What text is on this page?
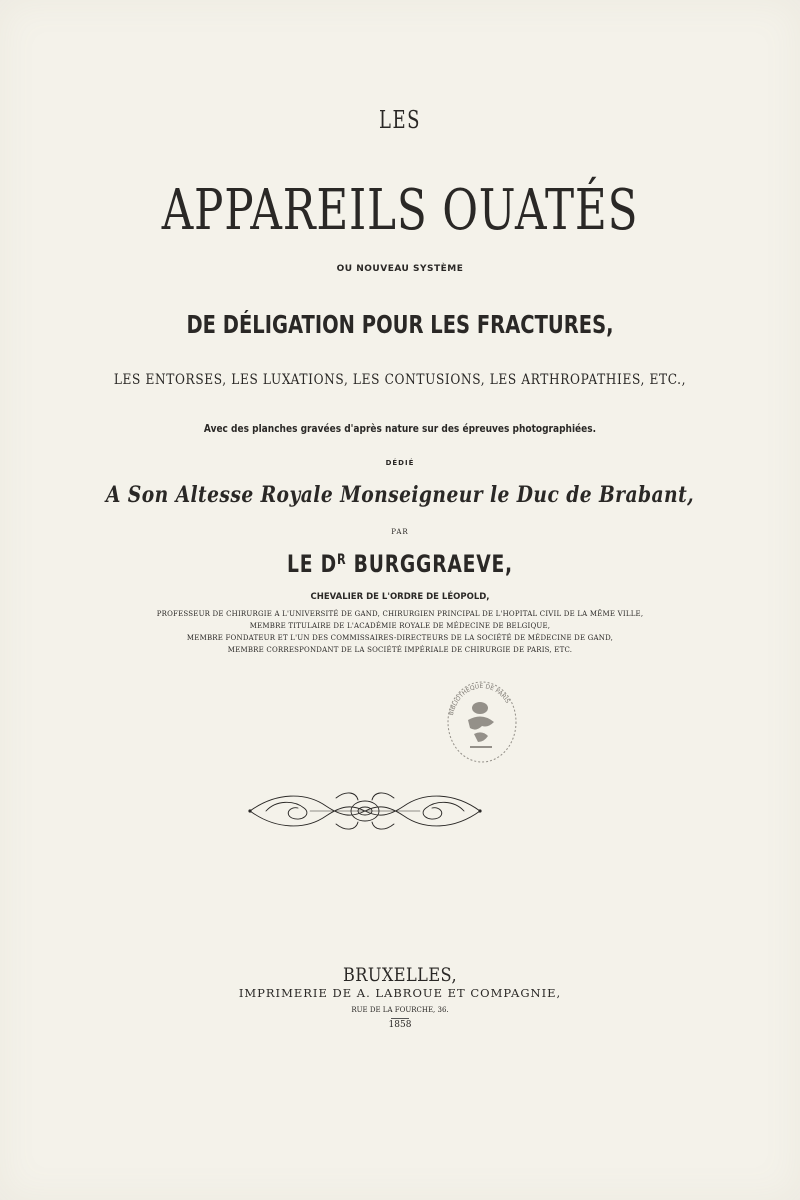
LES
APPAREILS OUATÉS
OU NOUVEAU SYSTÈME
DE DÉLIGATION POUR LES FRACTURES,
LES ENTORSES, LES LUXATIONS, LES CONTUSIONS, LES ARTHROPATHIES, ETC.,
Avec des planches gravées d'après nature sur des épreuves photographiées.
DÉDIÉ
A Son Altesse Royale Monseigneur le Duc de Brabant,
PAR
LE $D^R$ BURGGRAEVE,
CHEVALIER DE L'ORDRE DE LÉOPOLD,
PROFESSEUR DE CHIRURGIE A L'UNIVERSITÉ DE GAND, CHIRURGIEN PRINCIPAL DE L'HOPITAL CIVIL DE LA MÊME VILLE,
MEMBRE TITULAIRE DE L'ACADÉMIE ROYALE DE MÉDECINE DE BELGIQUE,
MEMBRE FONDATEUR ET L'UN DES COMMISSAIRES-DIRECTEURS DE LA SOCIÉTÉ DE MÉDECINE DE GAND,
MEMBRE CORRESPONDANT DE LA SOCIÉTÉ IMPÉRIALE DE CHIRURGIE DE PARIS, ETC.
BIBLIOTHÈQUE DE PARIS
BRUXELLES,
IMPRIMERIE DE A. LABROUE ET COMPAGNIE,
RUE DE LA FOURCHE, 36.
1858
